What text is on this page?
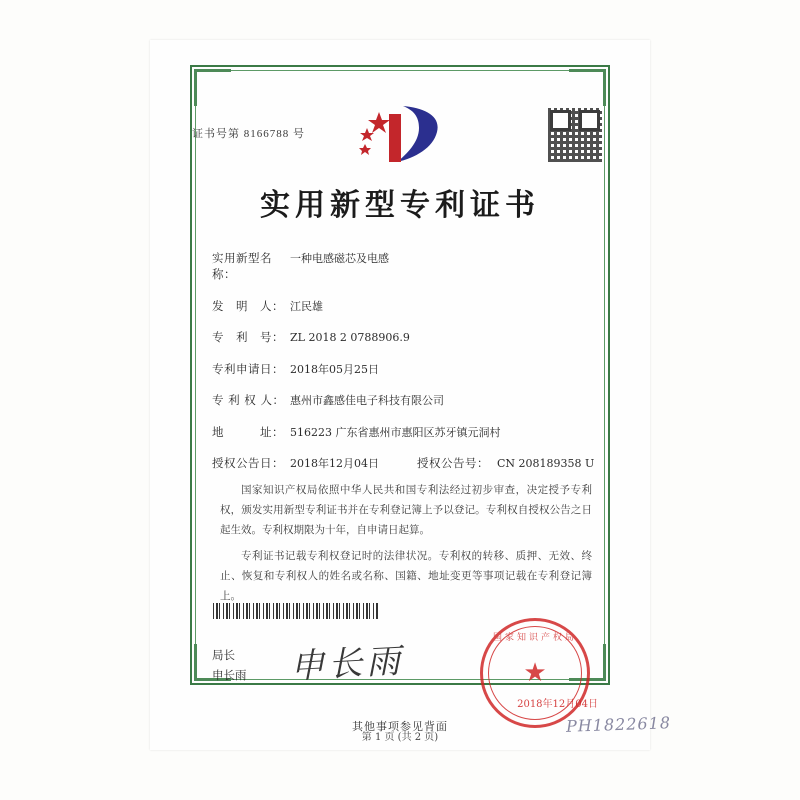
证书号第 8166788 号
实用新型专利证书
实用新型名称：
一种电感磁芯及电感
发　明　人： 江民雄
专　利　号： ZL 2018 2 0788906.9
专利申请日： 2018年05月25日
专 利 权 人： 惠州市鑫感佳电子科技有限公司
地　　　址： 516223 广东省惠州市惠阳区苏牙镇元洞村
授权公告日： 2018年12月04日	授权公告号： CN 208189358 U

国家知识产权局依照中华人民共和国专利法经过初步审查，决定授予专利权，颁发实用新型专利证书并在专利登记簿上予以登记。专利权自授权公告之日起生效。专利权期限为十年，自申请日起算。

专利证书记载专利权登记时的法律状况。专利权的转移、质押、无效、终止、恢复和专利权人的姓名或名称、国籍、地址变更等事项记载在专利登记簿上。

局长
申长雨 申长雨
国家知识产权局
★
2018年12月04日
第 1 页 (共 2 页)
其他事项参见背面	PH1822618
